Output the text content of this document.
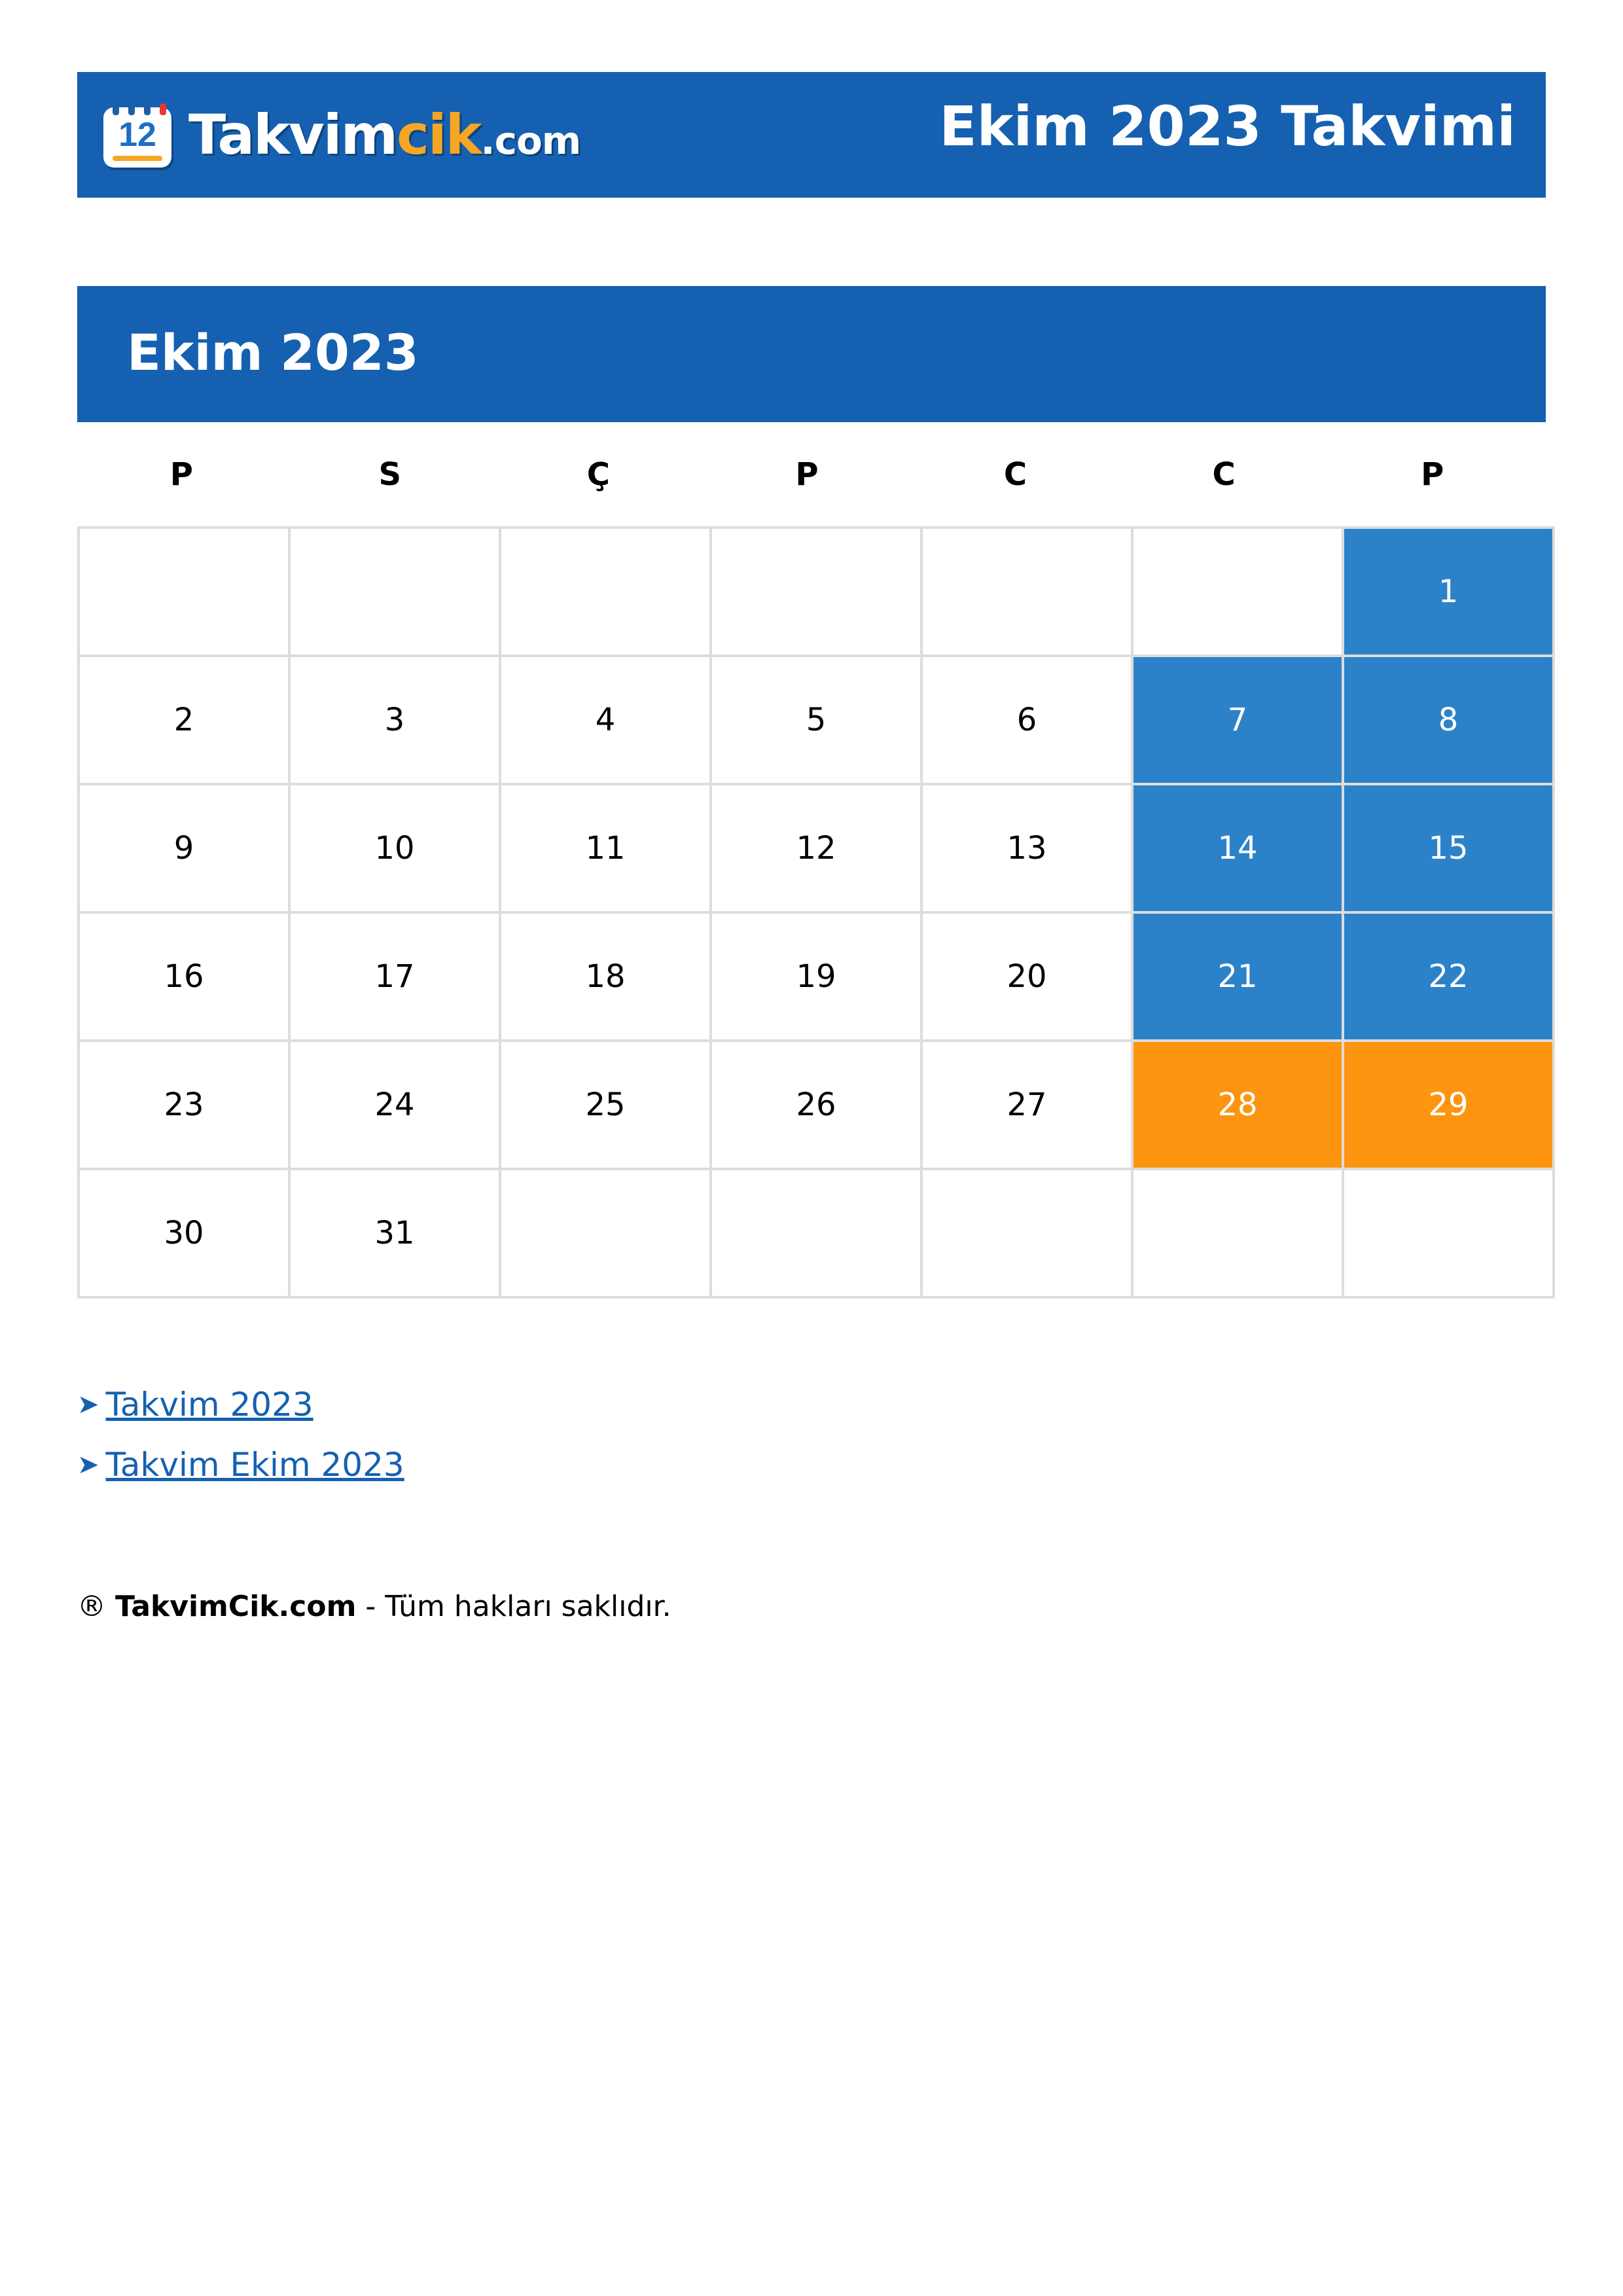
12 Takvimcik.com	Ekim 2023 Takvimi
Ekim 2023
P	S	Ç	P	C	C	P
						1
2	3	4	5	6	7	8
9	10	11	12	13	14	15
16	17	18	19	20	21	22
23	24	25	26	27	28	29
30	31					
➤ Takvim 2023
➤ Takvim Ekim 2023
® TakvimCik.com - Tüm hakları saklıdır.
